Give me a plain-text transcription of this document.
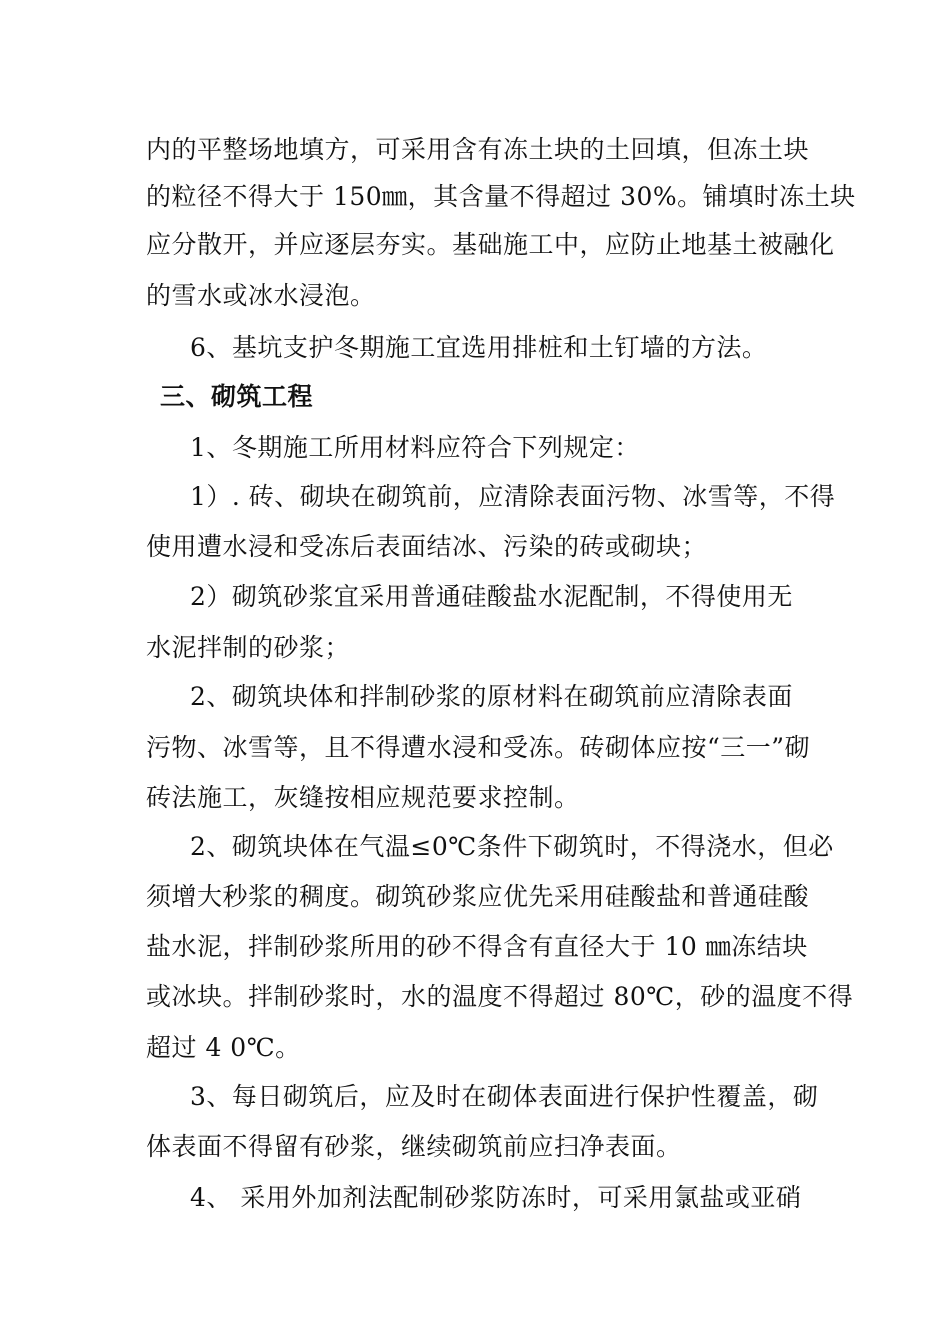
内的平整场地填方，可采用含有冻土块的土回填，但冻土块
的粒径不得大于 150㎜，其含量不得超过 30%。铺填时冻土块
应分散开，并应逐层夯实。基础施工中，应防止地基土被融化
的雪水或冰水浸泡。
6、基坑支护冬期施工宜选用排桩和土钉墙的方法。
三、砌筑工程
1、冬期施工所用材料应符合下列规定：
1）. 砖、砌块在砌筑前，应清除表面污物、冰雪等，不得
使用遭水浸和受冻后表面结冰、污染的砖或砌块；
2）砌筑砂浆宜采用普通硅酸盐水泥配制，不得使用无
水泥拌制的砂浆；
2、砌筑块体和拌制砂浆的原材料在砌筑前应清除表面
污物、冰雪等，且不得遭水浸和受冻。砖砌体应按“三一”砌
砖法施工，灰缝按相应规范要求控制。
2、砌筑块体在气温≤0℃条件下砌筑时，不得浇水，但必
须增大秒浆的稠度。砌筑砂浆应优先采用硅酸盐和普通硅酸
盐水泥，拌制砂浆所用的砂不得含有直径大于 10 ㎜冻结块
或冰块。拌制砂浆时，水的温度不得超过 80℃，砂的温度不得
超过 4 0℃。
3、每日砌筑后，应及时在砌体表面进行保护性覆盖，砌
体表面不得留有砂浆，继续砌筑前应扫净表面。
4、 采用外加剂法配制砂浆防冻时，可采用氯盐或亚硝
